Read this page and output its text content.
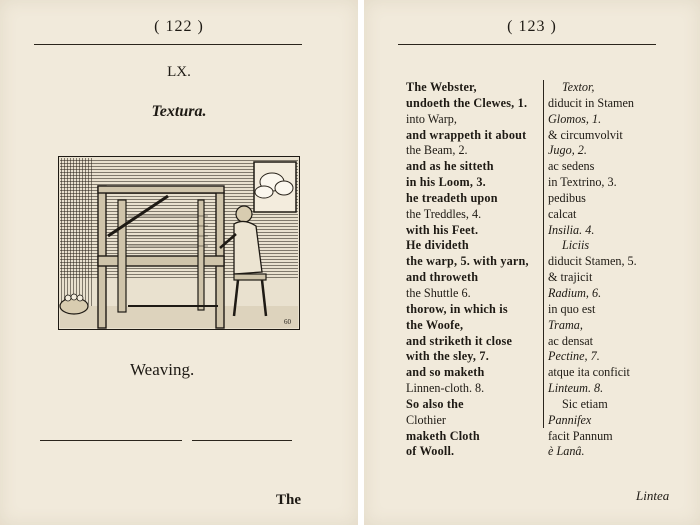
( 122 )
LX.
Textura.
60
Weaving.
The
( 123 )
The Webster,
undoeth the Clewes, 1.
into Warp,
and wrappeth it about
the Beam, 2.
and as he sitteth
in his Loom, 3.
he treadeth upon
the Treddles, 4.
with his Feet.
He divideth
the warp, 5. with yarn,
and throweth
the Shuttle 6.
thorow, in which is
the Woofe,
and striketh it close
with the sley, 7.
and so maketh
Linnen-cloth. 8.
So also the
Clothier
maketh Cloth
of Wooll.
Textor,
diducit in Stamen
Glomos, 1.
& circumvolvit
Jugo, 2.
ac sedens
in Textrino, 3.
pedibus
calcat
Insilia. 4.
Liciis
diducit Stamen, 5.
& trajicit
Radium, 6.
in quo est
Trama,
ac densat
Pectine, 7.
atque ita conficit
Linteum. 8.
Sic etiam
Pannifex
facit Pannum
è Lanâ.
Lintea
